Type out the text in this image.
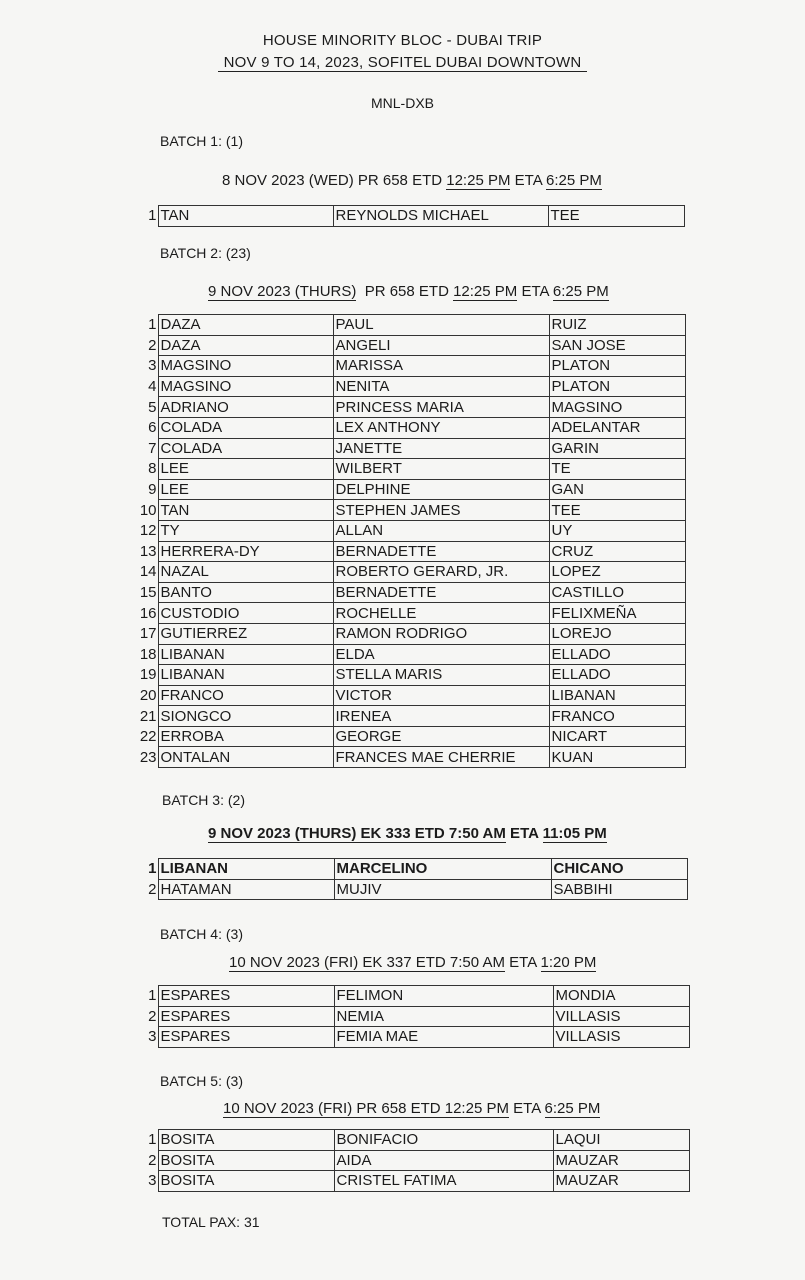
HOUSE MINORITY BLOC - DUBAI TRIP
NOV 9 TO 14, 2023, SOFITEL DUBAI DOWNTOWN
MNL-DXB
BATCH 1: (1)
8 NOV 2023 (WED) PR 658 ETD 12:25 PM ETA 6:25 PM
1	TAN	REYNOLDS MICHAEL	TEE
BATCH 2: (23)
9 NOV 2023 (THURS)  PR 658 ETD 12:25 PM ETA 6:25 PM
1	DAZA	PAUL	RUIZ
2	DAZA	ANGELI	SAN JOSE
3	MAGSINO	MARISSA	PLATON
4	MAGSINO	NENITA	PLATON
5	ADRIANO	PRINCESS MARIA	MAGSINO
6	COLADA	LEX ANTHONY	ADELANTAR
7	COLADA	JANETTE	GARIN
8	LEE	WILBERT	TE
9	LEE	DELPHINE	GAN
10	TAN	STEPHEN JAMES	TEE
12	TY	ALLAN	UY
13	HERRERA-DY	BERNADETTE	CRUZ
14	NAZAL	ROBERTO GERARD, JR.	LOPEZ
15	BANTO	BERNADETTE	CASTILLO
16	CUSTODIO	ROCHELLE	FELIXMEÑA
17	GUTIERREZ	RAMON RODRIGO	LOREJO
18	LIBANAN	ELDA	ELLADO
19	LIBANAN	STELLA MARIS	ELLADO
20	FRANCO	VICTOR	LIBANAN
21	SIONGCO	IRENEA	FRANCO
22	ERROBA	GEORGE	NICART
23	ONTALAN	FRANCES MAE CHERRIE	KUAN
BATCH 3: (2)
9 NOV 2023 (THURS) EK 333 ETD 7:50 AM ETA 11:05 PM
1	LIBANAN	MARCELINO	CHICANO
2	HATAMAN	MUJIV	SABBIHI
BATCH 4: (3)
10 NOV 2023 (FRI) EK 337 ETD 7:50 AM ETA 1:20 PM
1	ESPARES	FELIMON	MONDIA
2	ESPARES	NEMIA	VILLASIS
3	ESPARES	FEMIA MAE	VILLASIS
BATCH 5: (3)
10 NOV 2023 (FRI) PR 658 ETD 12:25 PM ETA 6:25 PM
1	BOSITA	BONIFACIO	LAQUI
2	BOSITA	AIDA	MAUZAR
3	BOSITA	CRISTEL FATIMA	MAUZAR
TOTAL PAX: 31
